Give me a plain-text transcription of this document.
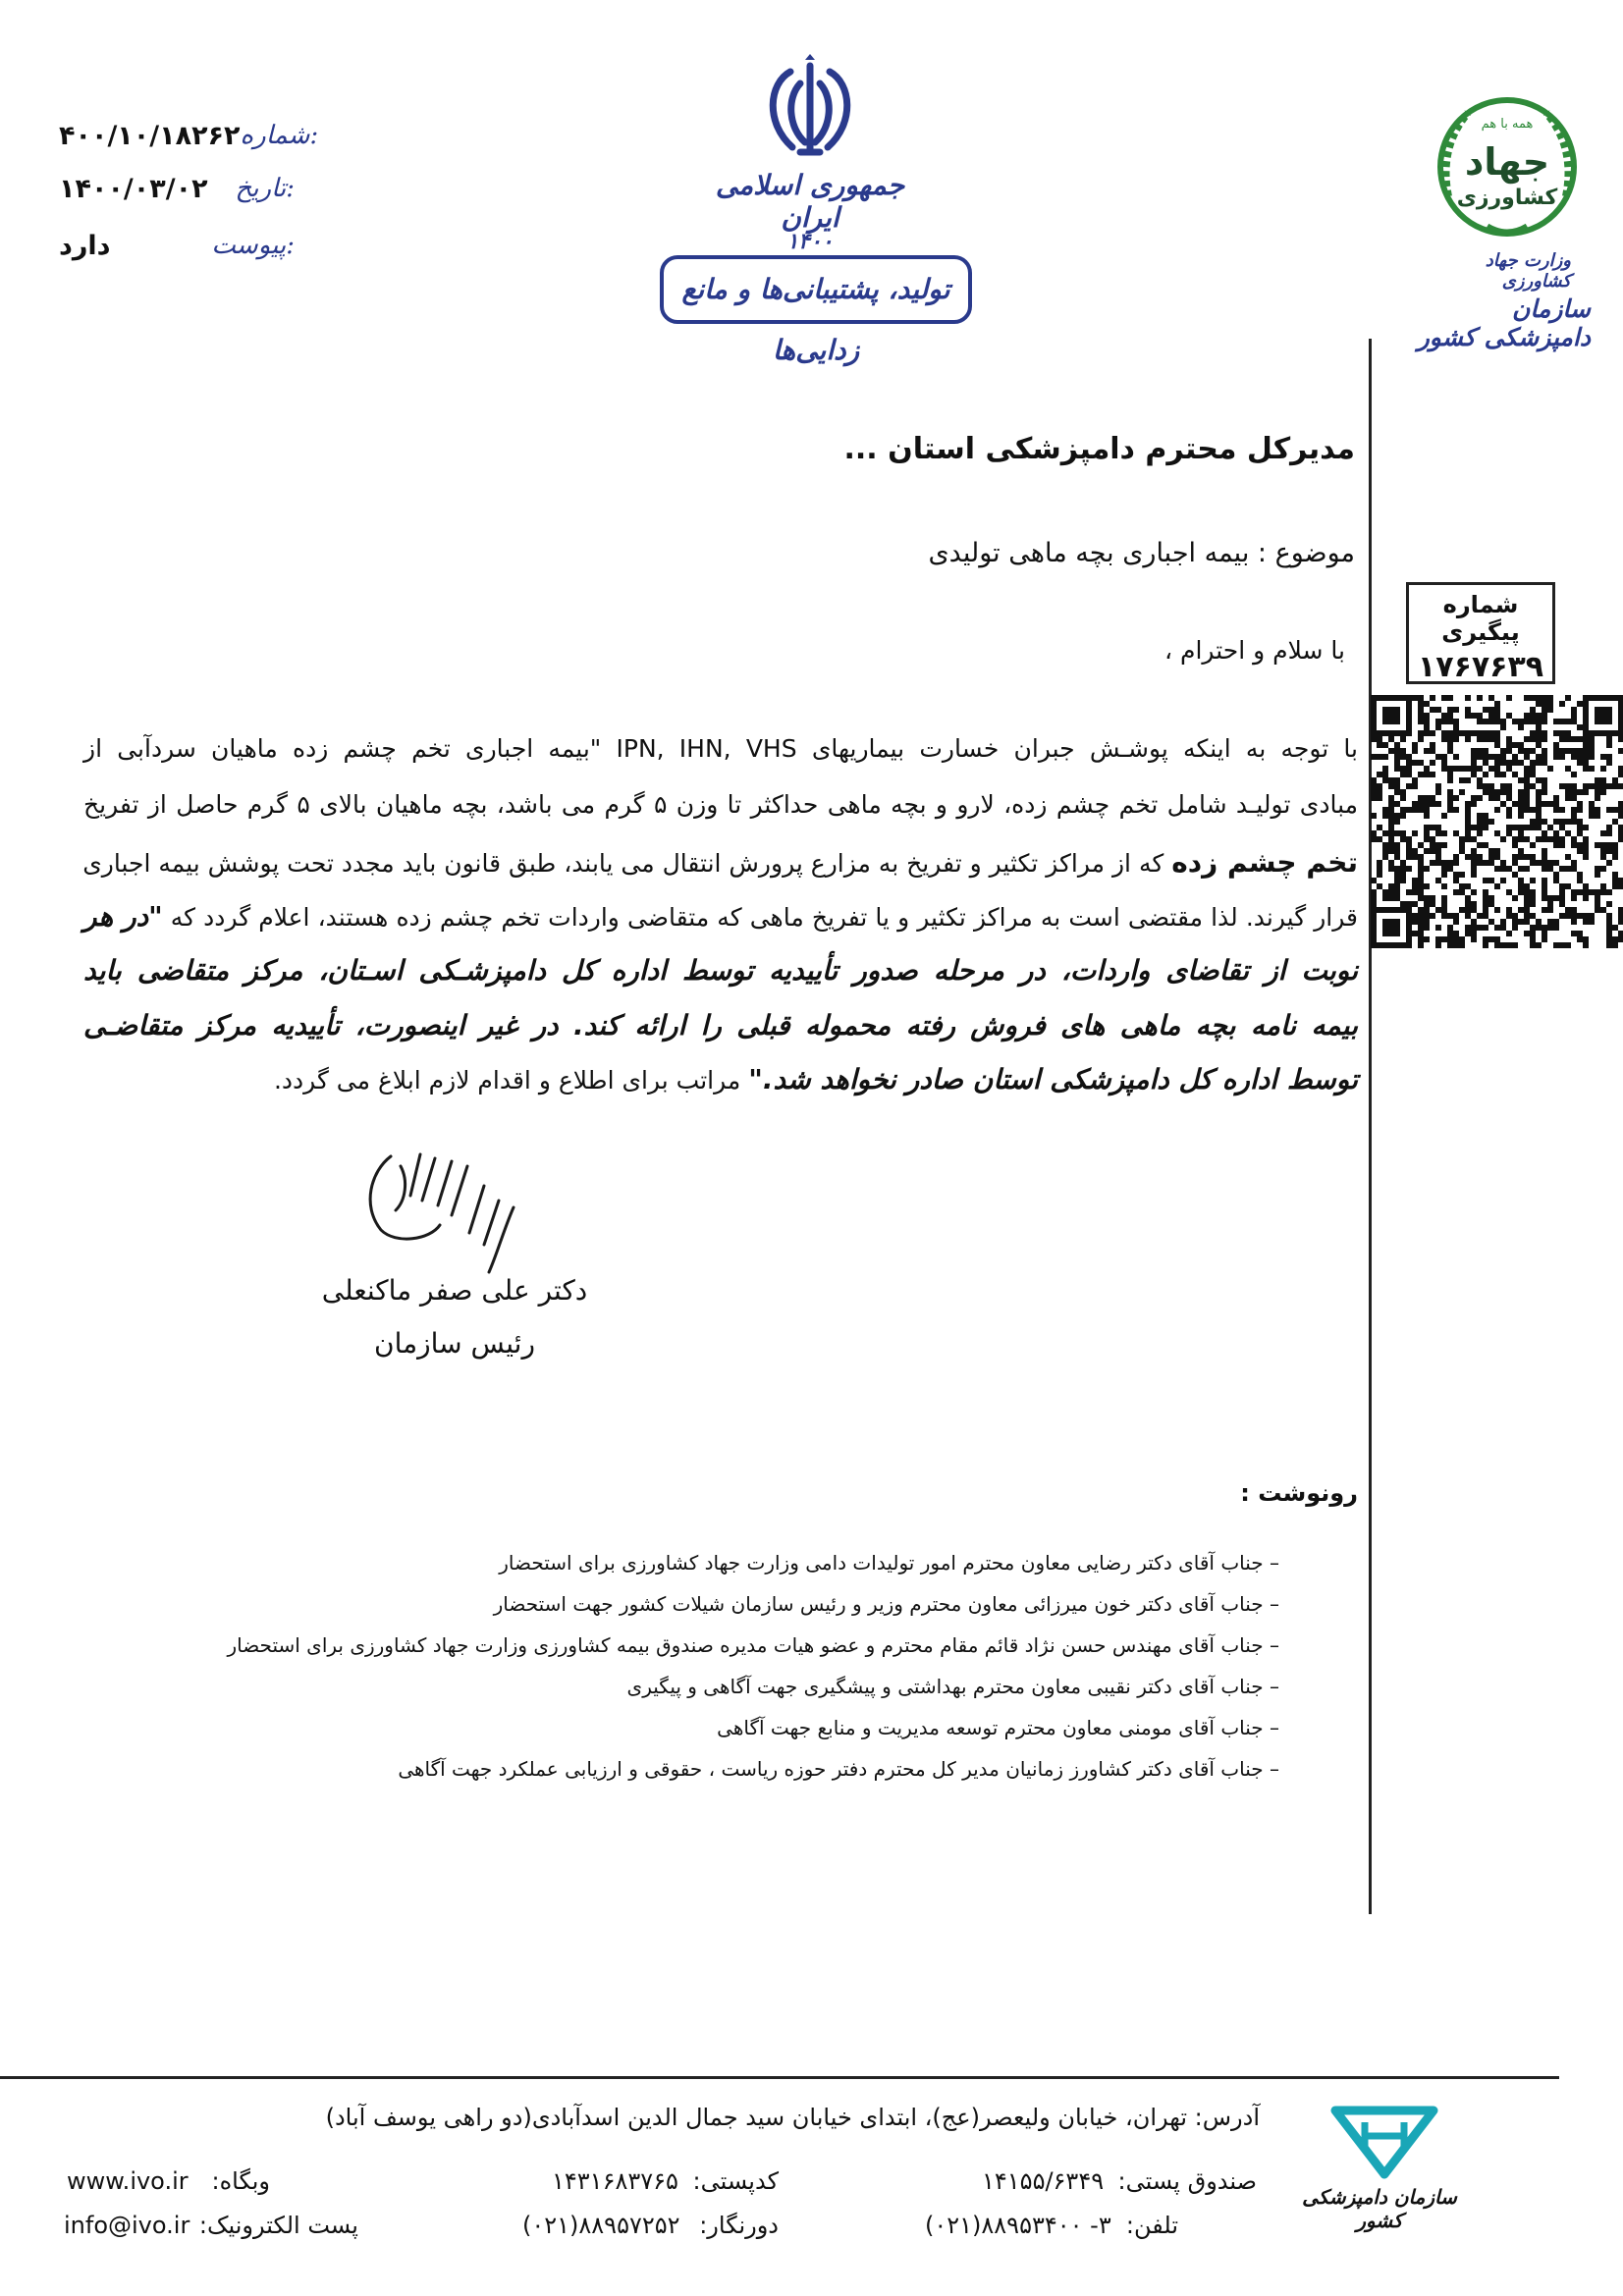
۴۰۰/۱۰/۱۸۲۶۲ شماره:
۱۴۰۰/۰۳/۰۲ تاریخ:
دارد	پیوست:
جمهوری اسلامی ایران
۱۴۰۰
تولید، پشتیبانی‌ها و مانع زدایی‌ها
همه با هم
جهاد
کشاورزی
وزارت جهاد کشاورزی
سازمان دامپزشکی کشور
شماره پیگیری
۱۷۶۷۶۳۹
مدیرکل محترم دامپزشکی استان ...
موضوع : بیمه اجباری بچه ماهی تولیدی
با سلام و احترام ،
با توجه به اینکه پوشـش جبران خسارت بیماریهای IPN, IHN, VHS "بیمه اجباری تخم چشم زده ماهیان سردآبی از
مبادی تولیـد شامل تخم چشم زده، لارو و بچه ماهی حداکثر تا وزن ۵ گرم می باشد، بچه ماهیان بالای ۵ گرم حاصل از تفریخ
تخم چشم زده که از مراکز تکثیر و تفریخ به مزارع پرورش انتقال می یابند، طبق قانون باید مجدد تحت پوشش بیمه اجباری
قرار گیرند. لذا مقتضی است به مراکز تکثیر و یا تفریخ ماهی که متقاضی واردات تخم چشم زده هستند، اعلام گردد که "در هر
نوبت از تقاضای واردات، در مرحله صدور تأییدیه توسط اداره کل دامپزشـکی اسـتان، مرکز متقاضی باید
بیمه نامه بچه ماهی های فروش رفته محموله قبلی را ارائه کند. در غیر اینصورت، تأییدیه مرکز متقاضـی
توسط اداره کل دامپزشکی استان صادر نخواهد شد." مراتب برای اطلاع و اقدام لازم ابلاغ می گردد.
دکتر علی صفر ماکنعلی
رئیس سازمان
رونوشت :
– جناب آقای دکتر رضایی معاون محترم امور تولیدات دامی وزارت جهاد کشاورزی برای استحضار
– جناب آقای دکتر خون میرزائی معاون محترم وزیر و رئیس سازمان شیلات کشور جهت استحضار
– جناب آقای مهندس حسن نژاد قائم مقام محترم و عضو هیات مدیره صندوق بیمه کشاورزی وزارت جهاد کشاورزی برای استحضار
– جناب آقای دکتر نقیبی معاون محترم بهداشتی و پیشگیری جهت آگاهی و پیگیری
– جناب آقای مومنی معاون محترم توسعه مدیریت و منابع جهت آگاهی
– جناب آقای دکتر کشاورز زمانیان مدیر کل محترم دفتر حوزه ریاست ، حقوقی و ارزیابی عملکرد جهت آگاهی
سازمان دامپزشکی کشور
آدرس: تهران، خیابان ولیعصر(عج)، ابتدای خیابان سید جمال الدین اسدآبادی(دو راهی یوسف آباد)
صندوق پستی:
۱۴۱۵۵/۶۳۴۹
کدپستی:
۱۴۳۱۶۸۳۷۶۵
وبگاه:
www.ivo.ir
تلفن:
(۰۲۱)۸۸۹۵۳۴۰۰ -۳
دورنگار:
(۰۲۱)۸۸۹۵۷۲۵۲
پست الکترونیک:
info@ivo.ir
